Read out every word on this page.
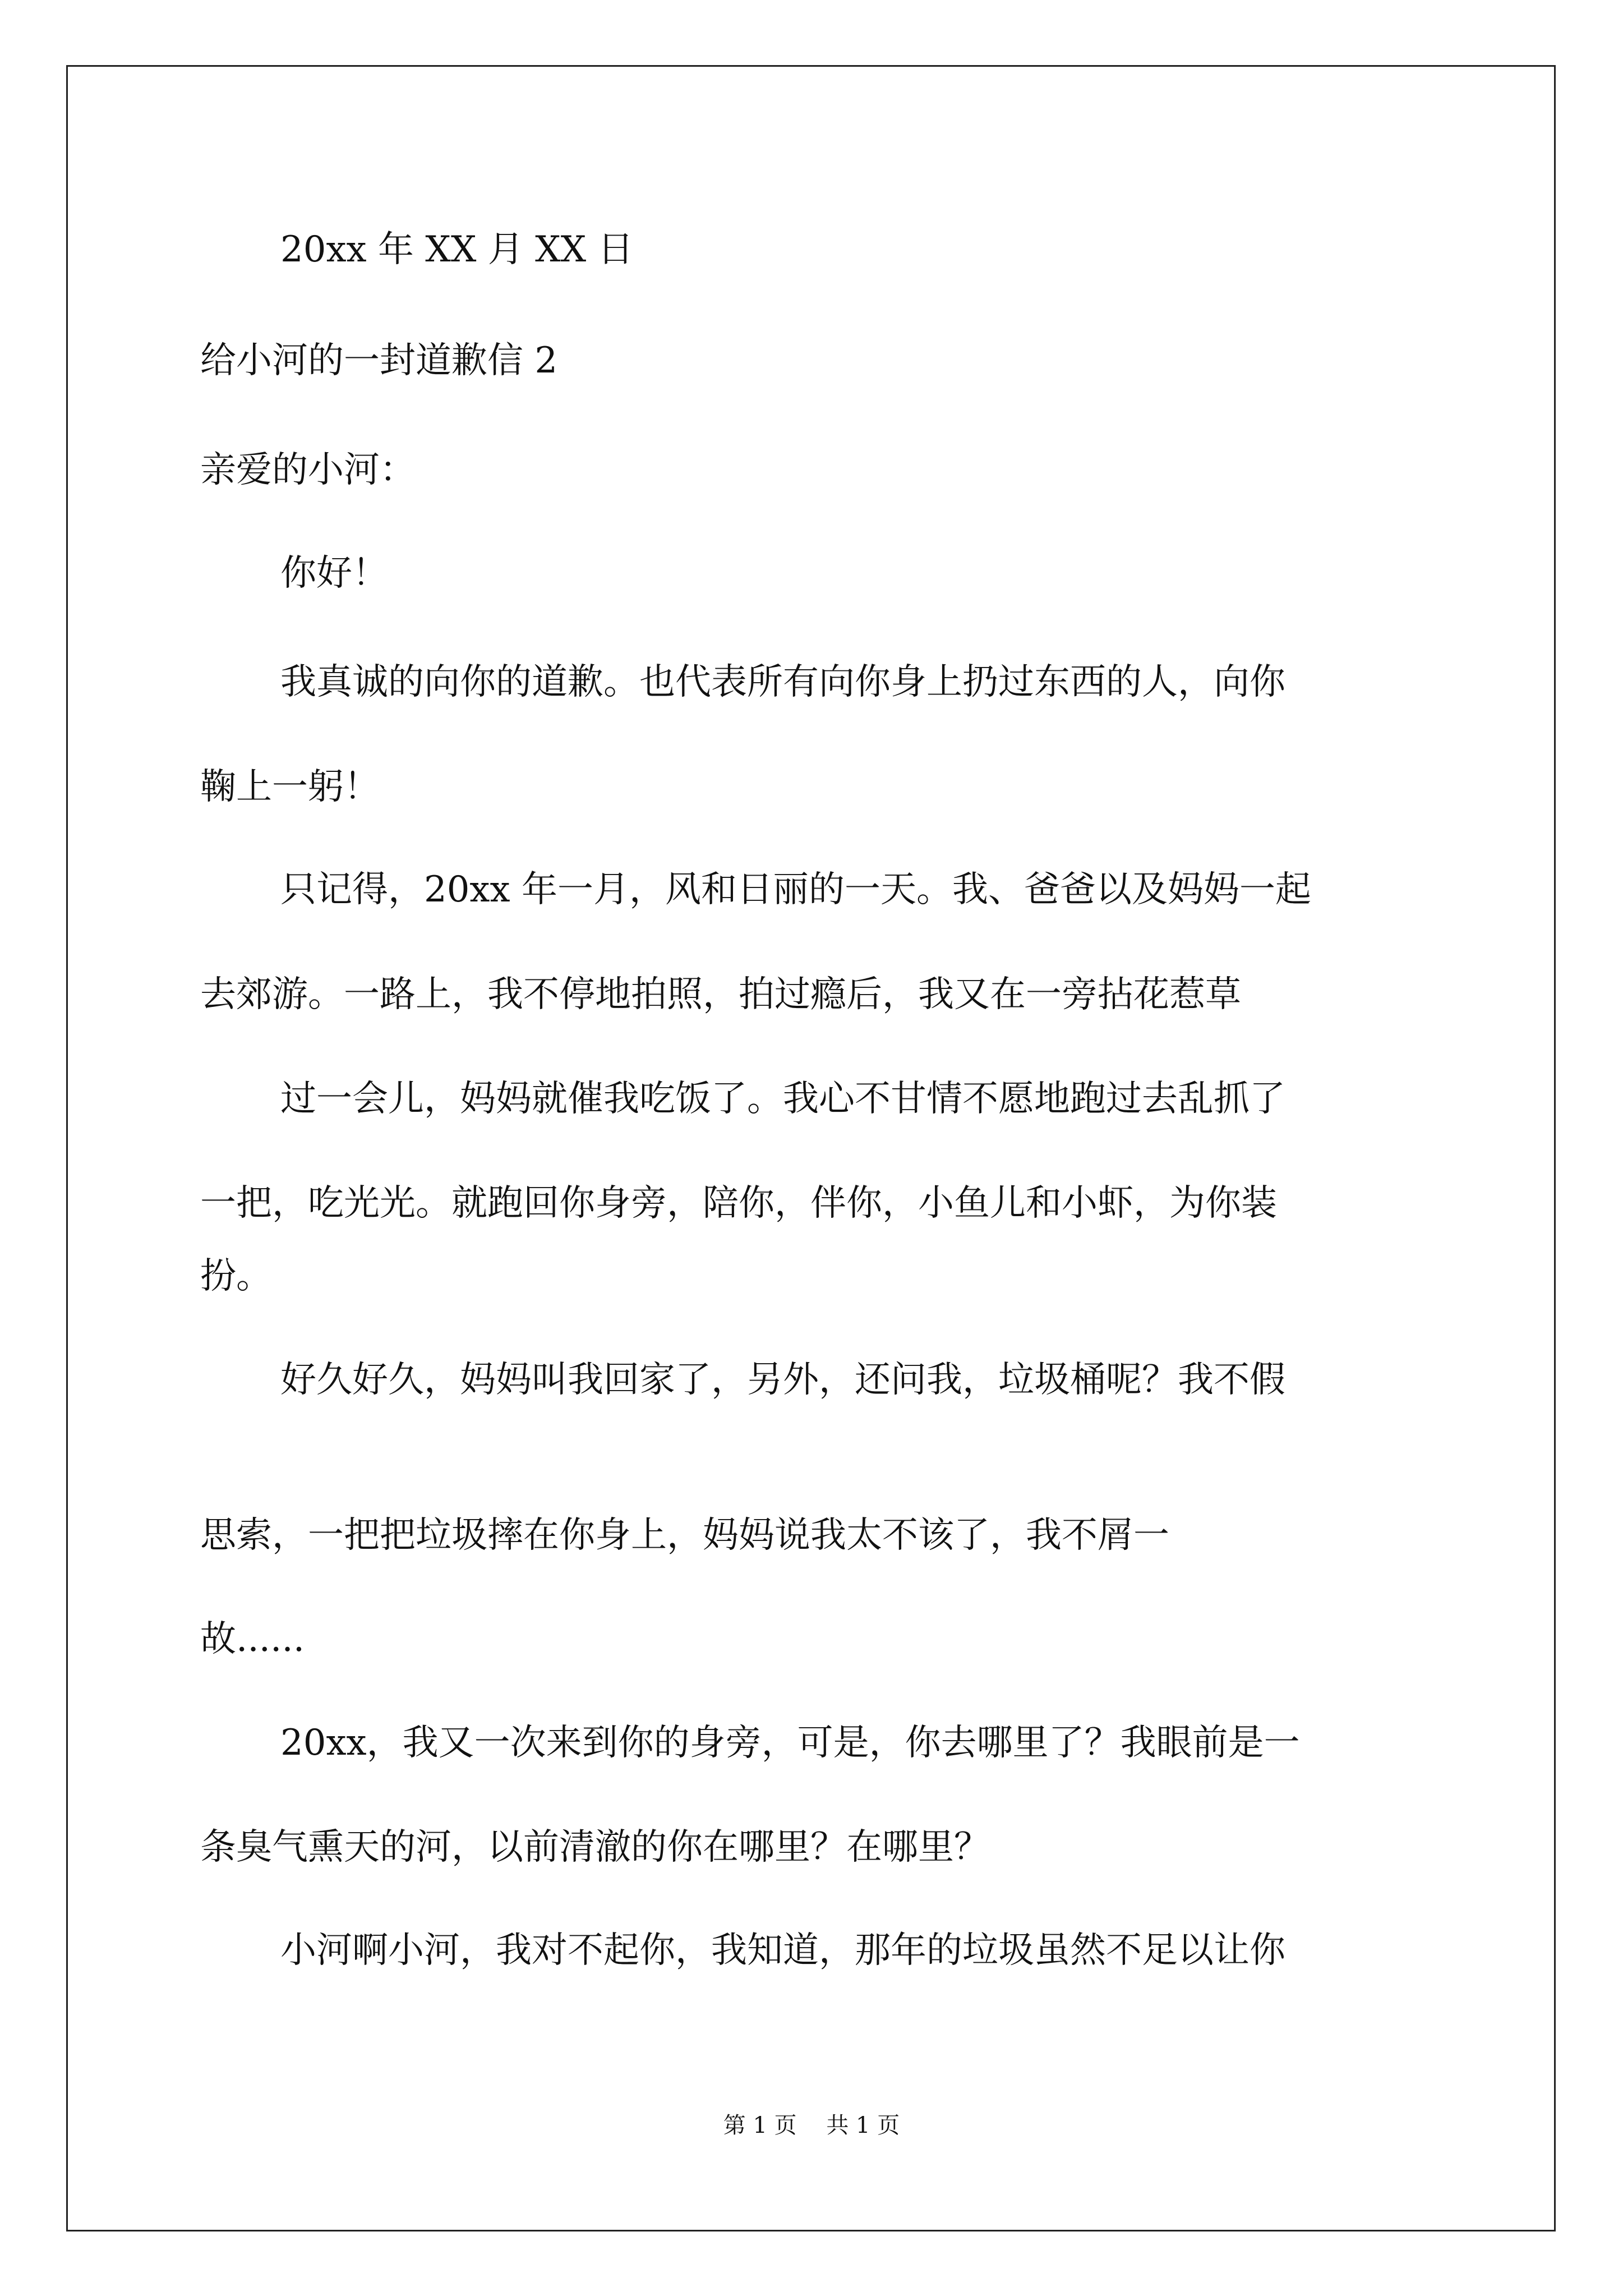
20xx 年 XX 月 XX 日

给小河的一封道歉信 2

亲爱的小河：

你好！

我真诚的向你的道歉。也代表所有向你身上扔过东西的人，向你

鞠上一躬！

只记得，20xx 年一月，风和日丽的一天。我、爸爸以及妈妈一起

去郊游。一路上，我不停地拍照，拍过瘾后，我又在一旁拈花惹草

过一会儿，妈妈就催我吃饭了。我心不甘情不愿地跑过去乱抓了

一把，吃光光。就跑回你身旁，陪你，伴你，小鱼儿和小虾，为你装

扮。

好久好久，妈妈叫我回家了，另外，还问我，垃圾桶呢？我不假

思索，一把把垃圾摔在你身上，妈妈说我太不该了，我不屑一

故......

20xx，我又一次来到你的身旁，可是，你去哪里了？我眼前是一

条臭气熏天的河，以前清澈的你在哪里？在哪里？

小河啊小河，我对不起你，我知道，那年的垃圾虽然不足以让你

第 1 页　 共 1 页
